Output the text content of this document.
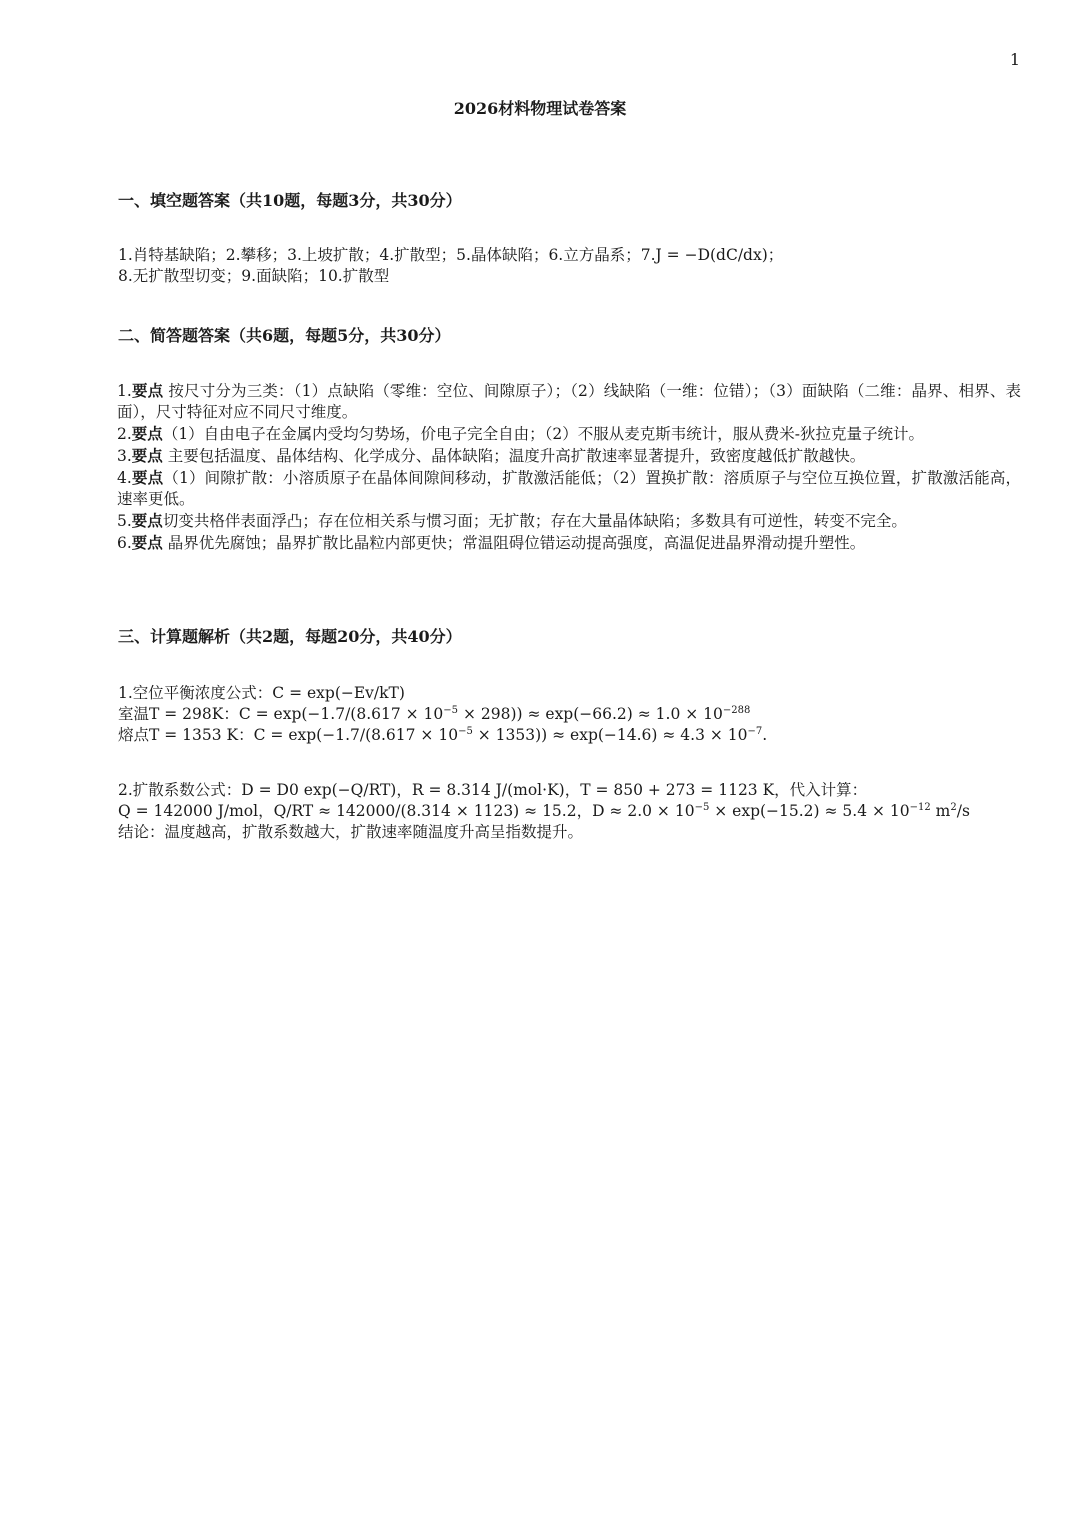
1
2026材料物理试卷答案
一、填空题答案（共10题，每题3分，共30分）
1.肖特基缺陷；2.攀移；3.上坡扩散；4.扩散型；5.晶体缺陷；6.立方晶系；7.J = −D(dC/dx)；
8.无扩散型切变；9.面缺陷；10.扩散型
二、简答题答案（共6题，每题5分，共30分）
1.要点 按尺寸分为三类：（1）点缺陷（零维：空位、间隙原子）；（2）线缺陷（一维：位错）；（3）面缺陷（二维：晶界、相界、表面），尺寸特征对应不同尺寸维度。
2.要点（1）自由电子在金属内受均匀势场，价电子完全自由；（2）不服从麦克斯韦统计，服从费米-狄拉克量子统计。
3.要点 主要包括温度、晶体结构、化学成分、晶体缺陷；温度升高扩散速率显著提升，致密度越低扩散越快。
4.要点（1）间隙扩散：小溶质原子在晶体间隙间移动，扩散激活能低；（2）置换扩散：溶质原子与空位互换位置，扩散激活能高，速率更低。
5.要点切变共格伴表面浮凸；存在位相关系与惯习面；无扩散；存在大量晶体缺陷；多数具有可逆性，转变不完全。
6.要点 晶界优先腐蚀；晶界扩散比晶粒内部更快；常温阻碍位错运动提高强度，高温促进晶界滑动提升塑性。
三、计算题解析（共2题，每题20分，共40分）
1.空位平衡浓度公式：C = exp(−Ev/kT)
室温T = 298K：$C = \exp(-1.7/(8.617 \times 10^{-5} \times 298)) \approx \exp(-66.2) \approx 1.0 \times 10^{-288}$
熔点T = 1353 K：$C = \exp(-1.7/(8.617 \times 10^{-5} \times 1353)) \approx \exp(-14.6) \approx 4.3 \times 10^{-7}$.
2.扩散系数公式：D = D0 exp(−Q/RT)，R = 8.314 J/(mol·K)，T = 850 + 273 = 1123 K，代入计算：
Q = 142000 J/mol，Q/RT ≈ 142000/(8.314 × 1123) ≈ 15.2，$D \approx 2.0 \times 10^{-5} \times \exp(-15.2) \approx 5.4 \times 10^{-12}$ $m^2/s$
结论：温度越高，扩散系数越大，扩散速率随温度升高呈指数提升。
